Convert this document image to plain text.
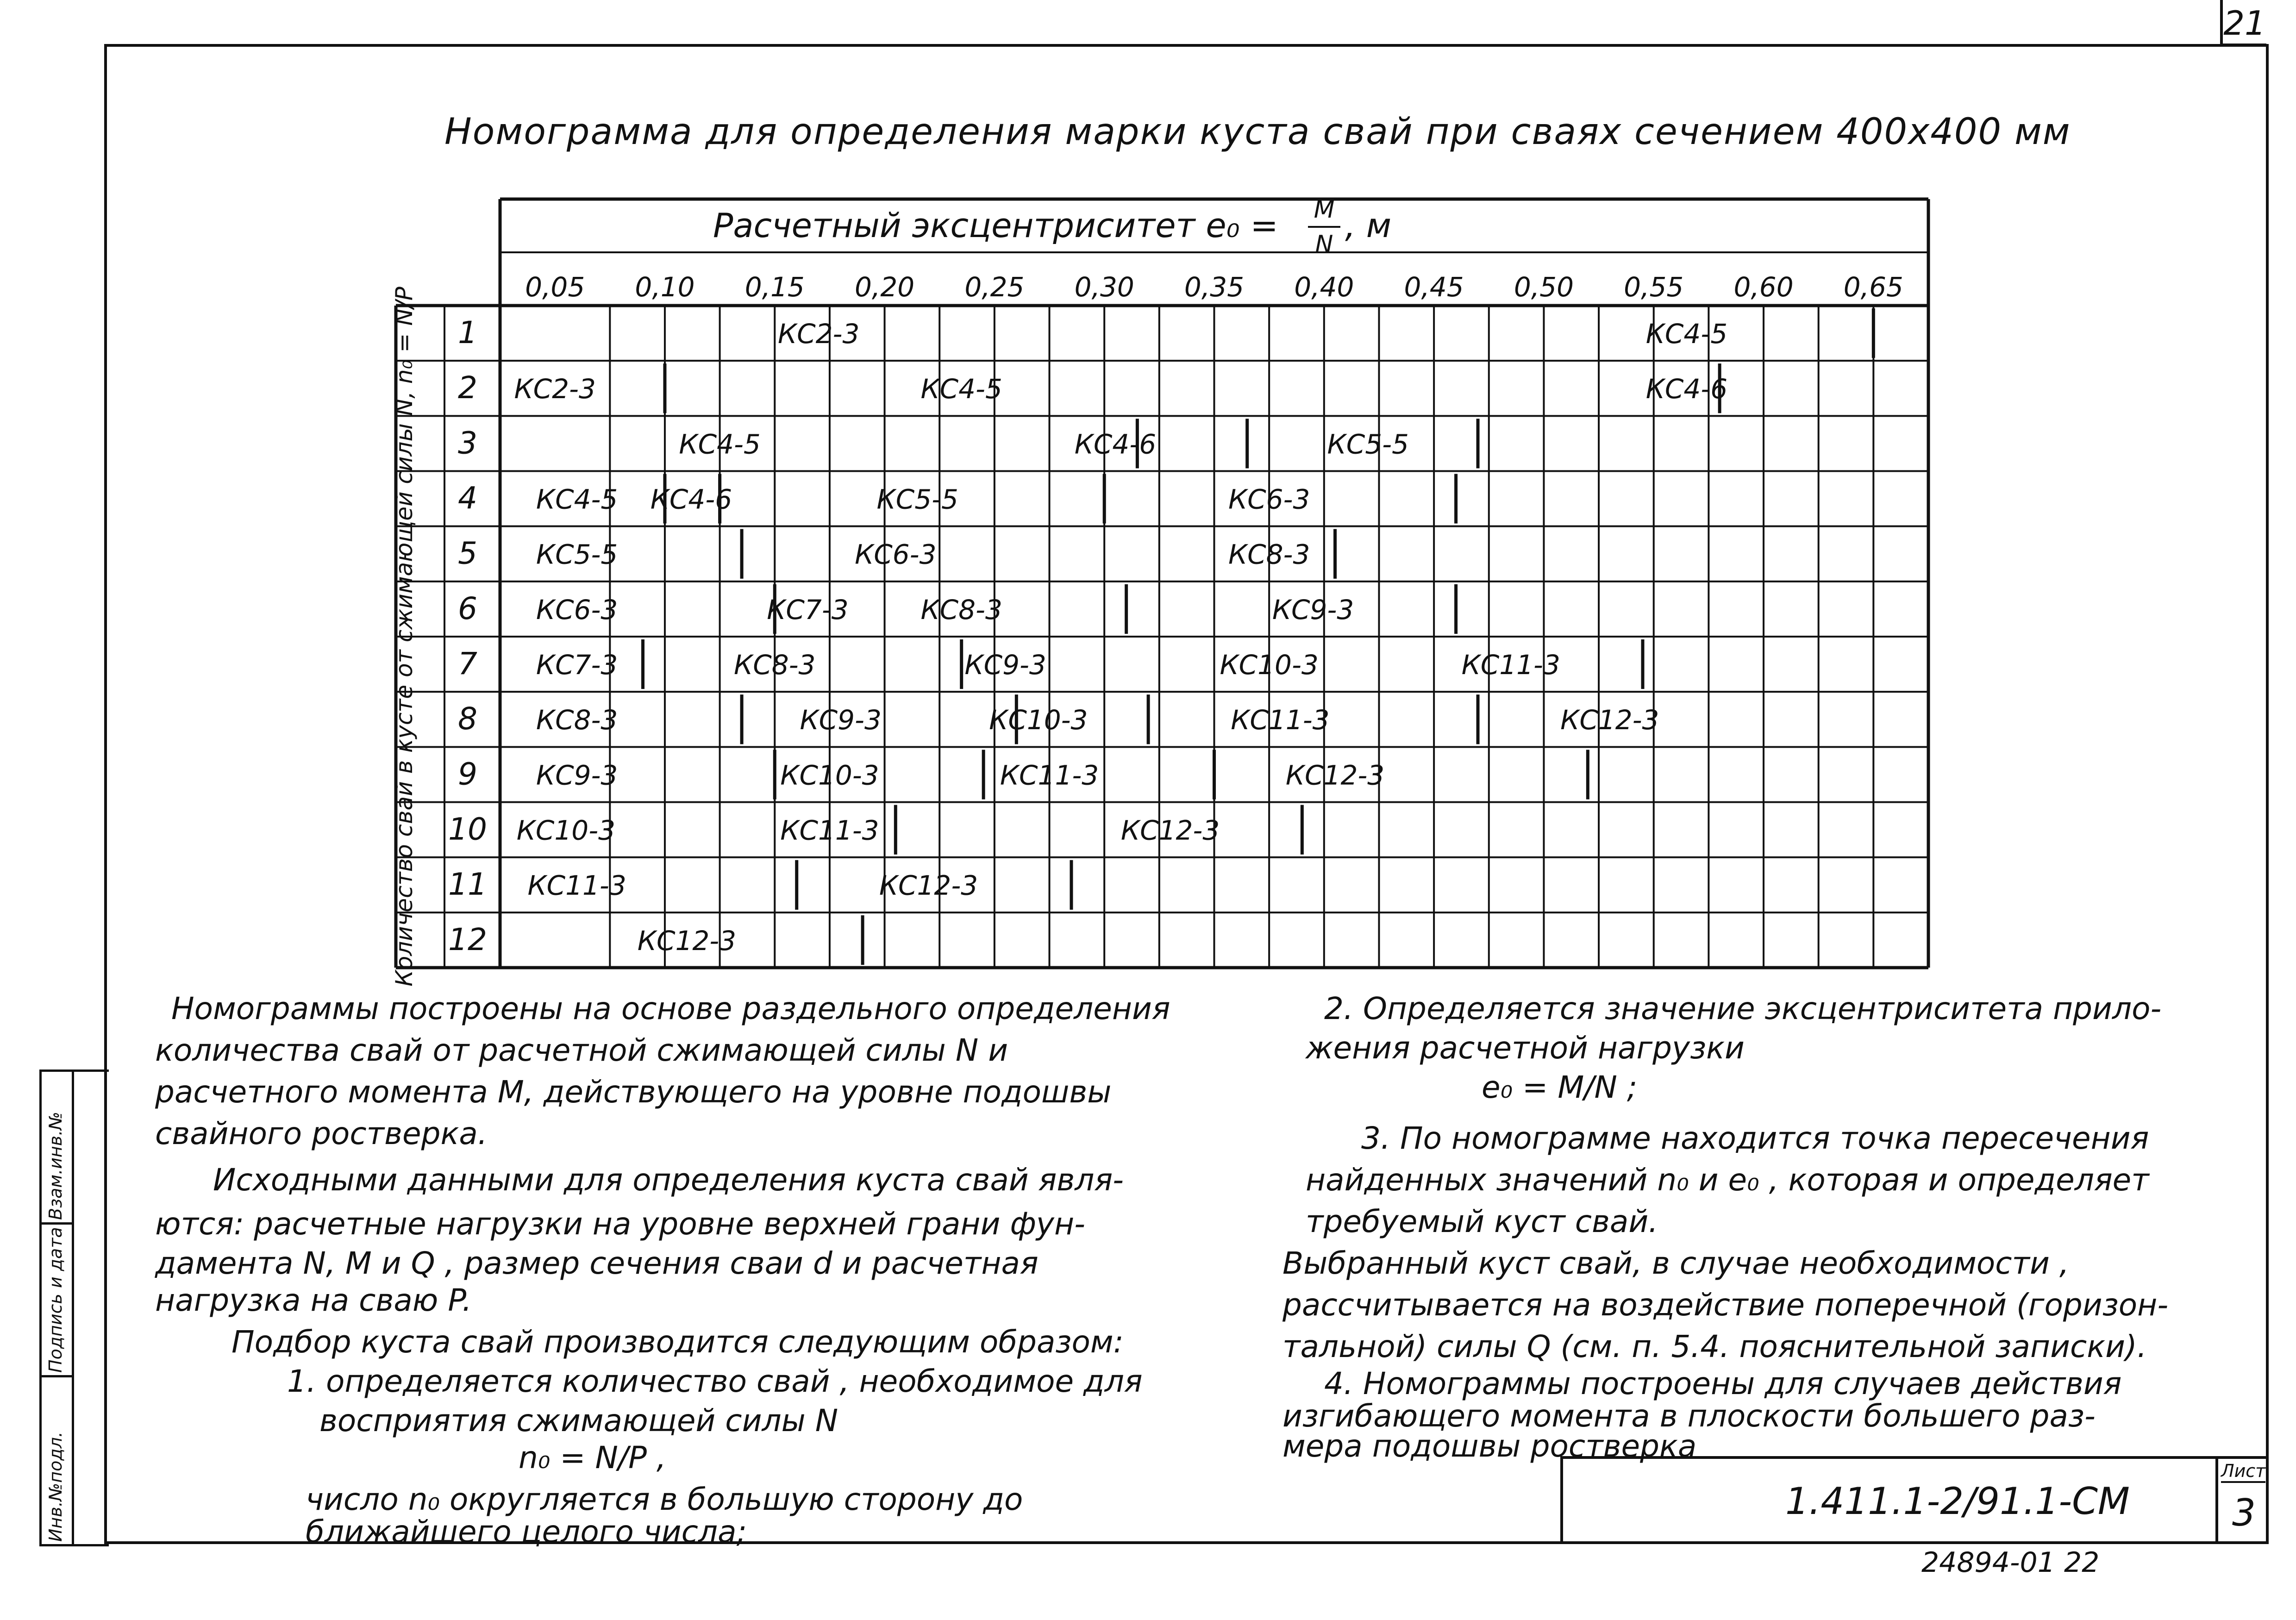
21
Номограмма для определения марки куста свай при сваях сечением 400х400 мм
Расчетный эксцентриситет e₀ = M
N , м
0,05 0,10 0,15 0,20 0,25 0,30 0,35 0,40 0,45 0,50 0,55 0,60 0,65
Количество свай в кусте от сжимающей силы N, n₀ = N/P 1	КС2-3	КС4-5
2 КС2-3	КС4-5	КС4-6
3	КС4-5	КС4-6	КС5-5
4 КС4-5 КС4-6	КС5-5	КС6-3
5 КС5-5	КС6-3	КС8-3
6 КС6-3	КС7-3	КС8-3	КС9-3
7 КС7-3	КС8-3	КС9-3	КС10-3	КС11-3
8 КС8-3	КС9-3	КС10-3	КС11-3	КС12-3
9 КС9-3	КС10-3	КС11-3	КС12-3
10 КС10-3	КС11-3	КС12-3
11 КС11-3	КС12-3
12	КС12-3
Номограммы построены на основе раздельного определения
количества свай от расчетной сжимающей силы N и
расчетного момента М, действующего на уровне подошвы
свайного ростверка.
Исходными данными для определения куста свай явля-
ются: расчетные нагрузки на уровне верхней грани фун-
дамента N, M и Q , размер сечения сваи d и расчетная
нагрузка на сваю P.
Подбор куста свай производится следующим образом:
1. определяется количество свай , необходимое для
восприятия сжимающей силы N
n₀ = N/P ,
число n₀ округляется в большую сторону до
ближайшего целого числа;
2. Определяется значение эксцентриситета прило-
жения расчетной нагрузки
e₀ = M/N ;
3. По номограмме находится точка пересечения
найденных значений n₀ и e₀ , которая и определяет
требуемый куст свай.
Выбранный куст свай, в случае необходимости ,
рассчитывается на воздействие поперечной (горизон-
тальной) силы Q (см. п. 5.4. пояснительной записки).
4. Номограммы построены для случаев действия
изгибающего момента в плоскости большего раз-
мера подошвы ростверка
Взам.инв.№
Подпись и дата
Инв.№подл.	1.411.1-2/91.1-СМ
Лист
3
24894-01 22
